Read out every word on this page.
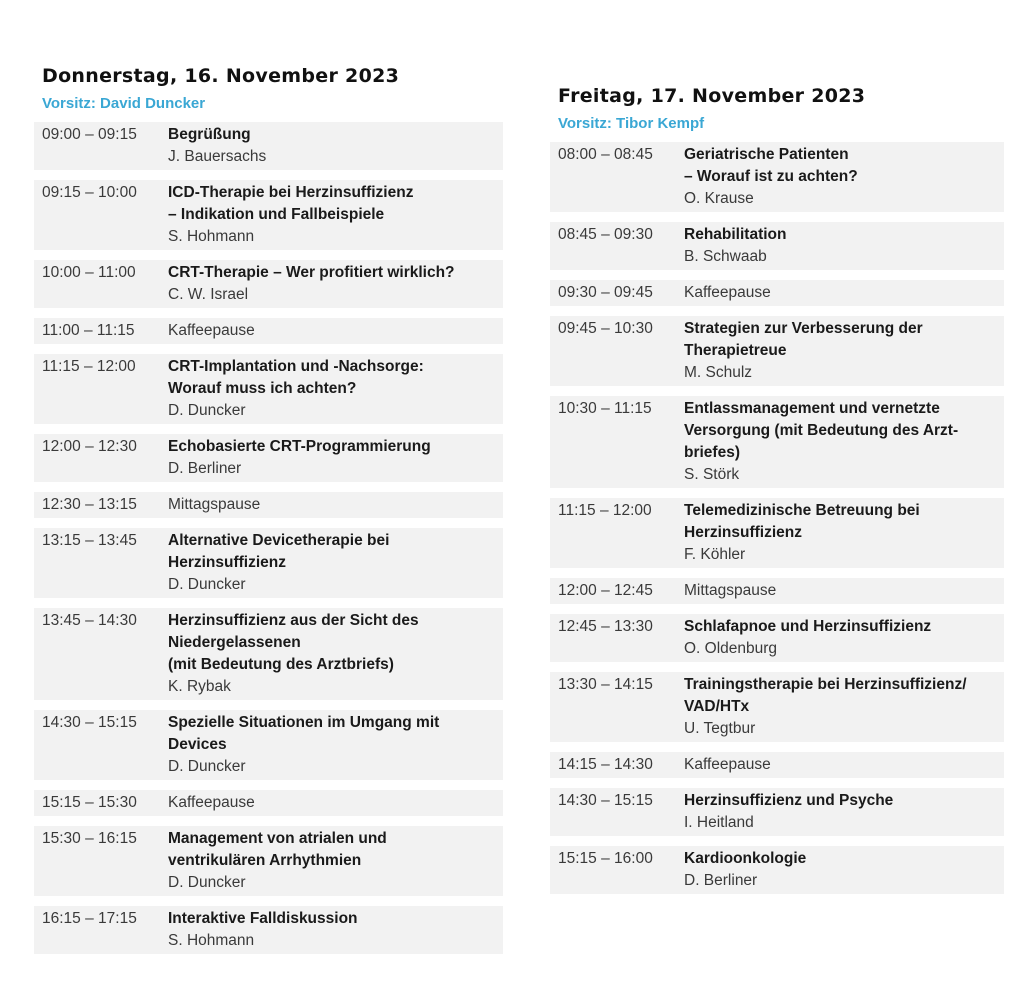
Donnerstag, 16. November 2023
Vorsitz: David Duncker
09:00 – 09:15	Begrüßung
J. Bauersachs
09:15 – 10:00	ICD-Therapie bei Herzinsuffizienz
– Indikation und Fallbeispiele
S. Hohmann
10:00 – 11:00	CRT-Therapie – Wer profitiert wirklich?
C. W. Israel
11:00 – 11:15	Kaffeepause
11:15 – 12:00	CRT-Implantation und -Nachsorge:
Worauf muss ich achten?
D. Duncker
12:00 – 12:30	Echobasierte CRT-Programmierung
D. Berliner
12:30 – 13:15	Mittagspause
13:15 – 13:45	Alternative Devicetherapie bei
Herzinsuffizienz
D. Duncker
13:45 – 14:30	Herzinsuffizienz aus der Sicht des
Niedergelassenen
(mit Bedeutung des Arztbriefs)
K. Rybak
14:30 – 15:15	Spezielle Situationen im Umgang mit
Devices
D. Duncker
15:15 – 15:30	Kaffeepause
15:30 – 16:15	Management von atrialen und
ventrikulären Arrhythmien
D. Duncker
16:15 – 17:15	Interaktive Falldiskussion
S. Hohmann
Freitag, 17. November 2023
Vorsitz: Tibor Kempf
08:00 – 08:45	Geriatrische Patienten
– Worauf ist zu achten?
O. Krause
08:45 – 09:30	Rehabilitation
B. Schwaab
09:30 – 09:45	Kaffeepause
09:45 – 10:30	Strategien zur Verbesserung der
Therapietreue
M. Schulz
10:30 – 11:15	Entlassmanagement und vernetzte
Versorgung (mit Bedeutung des Arzt-
briefes)
S. Störk
11:15 – 12:00	Telemedizinische Betreuung bei
Herzinsuffizienz
F. Köhler
12:00 – 12:45	Mittagspause
12:45 – 13:30	Schlafapnoe und Herzinsuffizienz
O. Oldenburg
13:30 – 14:15	Trainingstherapie bei Herzinsuffizienz/
VAD/HTx
U. Tegtbur
14:15 – 14:30	Kaffeepause
14:30 – 15:15	Herzinsuffizienz und Psyche
I. Heitland
15:15 – 16:00	Kardioonkologie
D. Berliner
